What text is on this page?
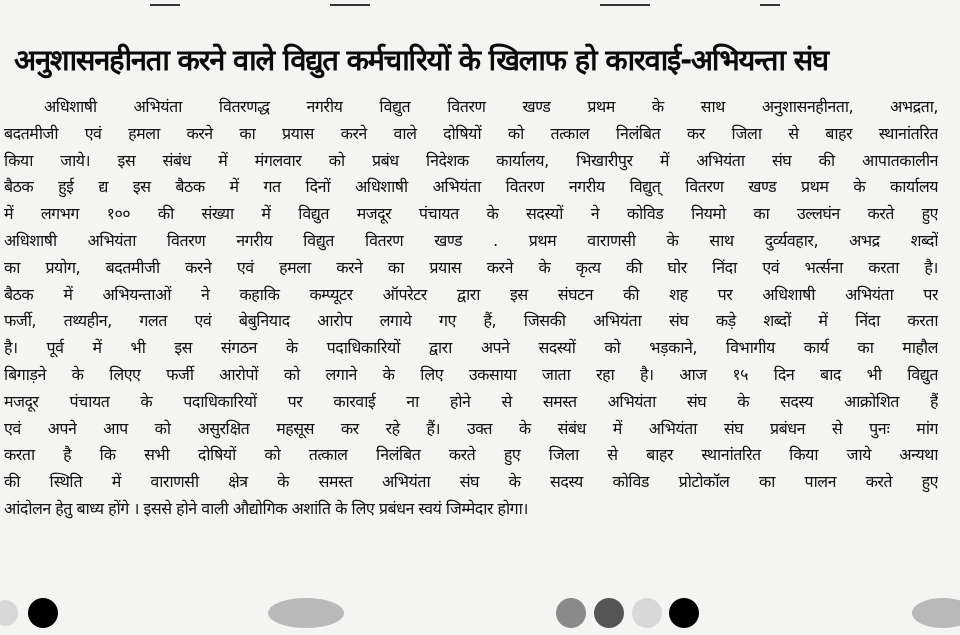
अनुशासनहीनता करने वाले विद्युत कर्मचारियों के खिलाफ हो कारवाई-अभियन्ता संघ
अधिशाषी अभियंता वितरणद्ध नगरीय विद्युत वितरण खण्ड प्रथम के साथ अनुशासनहीनता, अभद्रता,
बदतमीजी एवं हमला करने का प्रयास करने वाले दोषियों को तत्काल निलंबित कर जिला से बाहर स्थानांतरित
किया जाये। इस संबंध में मंगलवार को प्रबंध निदेशक कार्यालय, भिखारीपुर में अभियंता संघ की आपातकालीन
बैठक हुई द्य इस बैठक में गत दिनों अधिशाषी अभियंता वितरण नगरीय विद्युत् वितरण खण्ड प्रथम के कार्यालय
में लगभग १०० की संख्या में विद्युत मजदूर पंचायत के सदस्यों ने कोविड नियमो का उल्लघंन करते हुए
अधिशाषी अभियंता वितरण नगरीय विद्युत वितरण खण्ड . प्रथम वाराणसी के साथ दुर्व्यवहार, अभद्र शब्दों
का प्रयोग, बदतमीजी करने एवं हमला करने का प्रयास करने के कृत्य की घोर निंदा एवं भर्त्सना करता है।
बैठक में अभियन्ताओं ने कहाकि कम्प्यूटर ऑपरेटर द्वारा इस संघटन की शह पर अधिशाषी अभियंता पर
फर्जी, तथ्यहीन, गलत एवं बेबुनियाद आरोप लगाये गए हैं, जिसकी अभियंता संघ कड़े शब्दों में निंदा करता
है। पूर्व में भी इस संगठन के पदाधिकारियों द्वारा अपने सदस्यों को भड़काने, विभागीय कार्य का माहौल
बिगाड़ने के लिएए फर्जी आरोपों को लगाने के लिए उकसाया जाता रहा है। आज १५ दिन बाद भी विद्युत
मजदूर पंचायत के पदाधिकारियों पर कारवाई ना होने से समस्त अभियंता संघ के सदस्य आक्रोशित हैं
एवं अपने आप को असुरक्षित महसूस कर रहे हैं। उक्त के संबंध में अभियंता संघ प्रबंधन से पुनः मांग
करता है कि सभी दोषियों को तत्काल निलंबित करते हुए जिला से बाहर स्थानांतरित किया जाये अन्यथा
की स्थिति में वाराणसी क्षेत्र के समस्त अभियंता संघ के सदस्य कोविड प्रोटोकॉल का पालन करते हुए
आंदोलन हेतु बाध्य होंगे । इससे होने वाली औद्योगिक अशांति के लिए प्रबंधन स्वयं जिम्मेदार होगा।
